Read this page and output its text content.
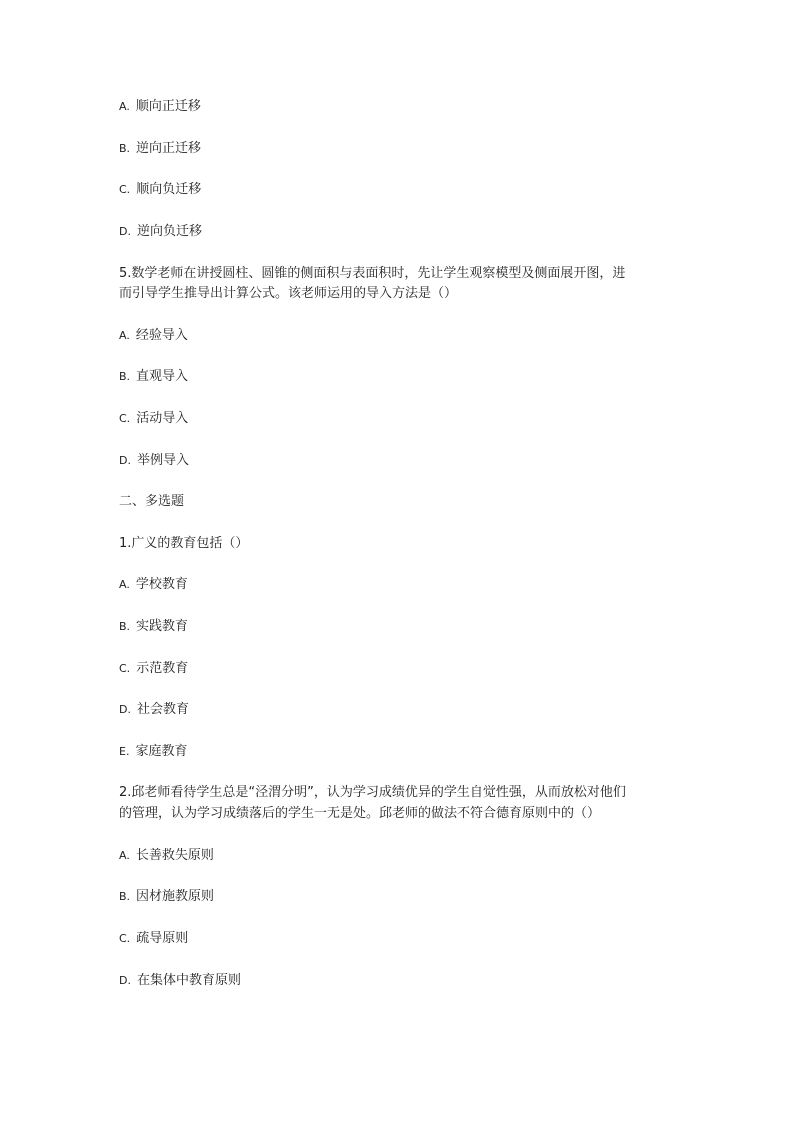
A. 顺向正迁移
B. 逆向正迁移
C. 顺向负迁移
D. 逆向负迁移
5.数学老师在讲授圆柱、圆锥的侧面积与表面积时，先让学生观察模型及侧面展开图，进
而引导学生推导出计算公式。该老师运用的导入方法是（）
A. 经验导入
B. 直观导入
C. 活动导入
D. 举例导入
二、多选题
1.广义的教育包括（）
A. 学校教育
B. 实践教育
C. 示范教育
D. 社会教育
E. 家庭教育
2.邱老师看待学生总是“泾渭分明”，认为学习成绩优异的学生自觉性强，从而放松对他们
的管理，认为学习成绩落后的学生一无是处。邱老师的做法不符合德育原则中的（）
A. 长善救失原则
B. 因材施教原则
C. 疏导原则
D. 在集体中教育原则
